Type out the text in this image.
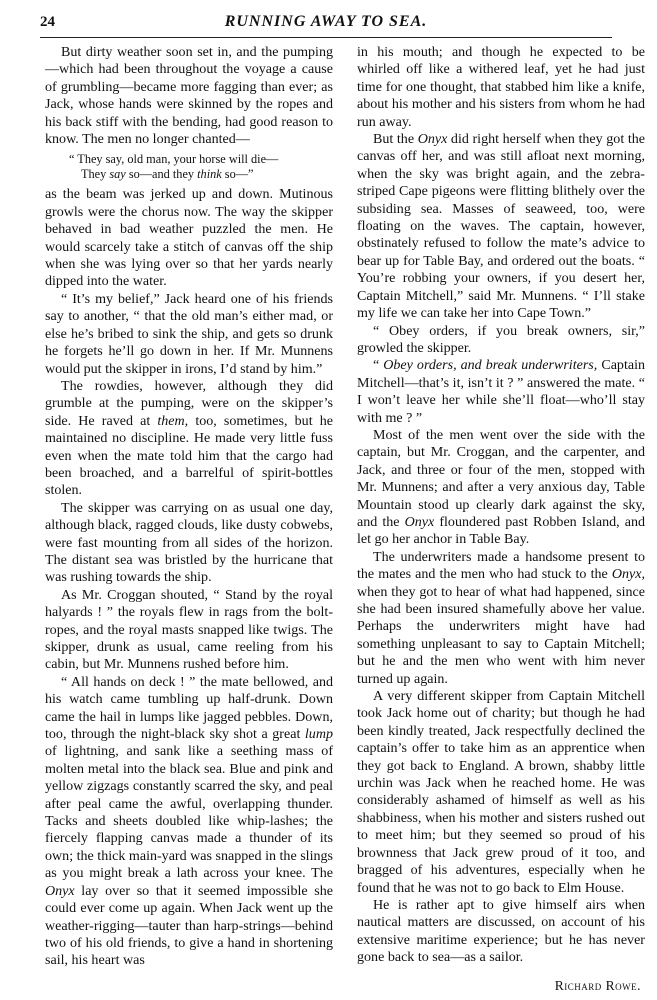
24	RUNNING AWAY TO SEA.

But dirty weather soon set in, and the pumping—which had been throughout the voyage a cause of grumbling—became more fagging than ever; as Jack, whose hands were skinned by the ropes and his back stiff with the bending, had good reason to know. The men no longer chanted—

“ They say, old man, your horse will die—
They say so—and they think so—”

as the beam was jerked up and down. Mutinous growls were the chorus now. The way the skipper behaved in bad weather puzzled the men. He would scarcely take a stitch of canvas off the ship when she was lying over so that her yards nearly dipped into the water.

“ It’s my belief,” Jack heard one of his friends say to another, “ that the old man’s either mad, or else he’s bribed to sink the ship, and gets so drunk he forgets he’ll go down in her. If Mr. Munnens would put the skipper in irons, I’d stand by him.”

The rowdies, however, although they did grumble at the pumping, were on the skipper’s side. He raved at them, too, sometimes, but he maintained no discipline. He made very little fuss even when the mate told him that the cargo had been broached, and a barrelful of spirit-bottles stolen.

The skipper was carrying on as usual one day, although black, ragged clouds, like dusty cobwebs, were fast mounting from all sides of the horizon. The distant sea was bristled by the hurricane that was rushing towards the ship.

As Mr. Croggan shouted, “ Stand by the royal halyards ! ” the royals flew in rags from the bolt-ropes, and the royal masts snapped like twigs. The skipper, drunk as usual, came reeling from his cabin, but Mr. Munnens rushed before him.

“ All hands on deck ! ” the mate bellowed, and his watch came tumbling up half-drunk. Down came the hail in lumps like jagged pebbles. Down, too, through the night-black sky shot a great lump of lightning, and sank like a seething mass of molten metal into the black sea. Blue and pink and yellow zigzags constantly scarred the sky, and peal after peal came the awful, overlapping thunder. Tacks and sheets doubled like whip-lashes; the fiercely flapping canvas made a thunder of its own; the thick main-yard was snapped in the slings as you might break a lath across your knee. The Onyx lay over so that it seemed impossible she could ever come up again. When Jack went up the weather-rigging—tauter than harp-strings—behind two of his old friends, to give a hand in shortening sail, his heart was

in his mouth; and though he expected to be whirled off like a withered leaf, yet he had just time for one thought, that stabbed him like a knife, about his mother and his sisters from whom he had run away.

But the Onyx did right herself when they got the canvas off her, and was still afloat next morning, when the sky was bright again, and the zebra-striped Cape pigeons were flitting blithely over the subsiding sea. Masses of seaweed, too, were floating on the waves. The captain, however, obstinately refused to follow the mate’s advice to bear up for Table Bay, and ordered out the boats. “ You’re robbing your owners, if you desert her, Captain Mitchell,” said Mr. Munnens. “ I’ll stake my life we can take her into Cape Town.”

“ Obey orders, if you break owners, sir,” growled the skipper.

“ Obey orders, and break underwriters, Captain Mitchell—that’s it, isn’t it ? ” answered the mate. “ I won’t leave her while she’ll float—who’ll stay with me ? ”

Most of the men went over the side with the captain, but Mr. Croggan, and the carpenter, and Jack, and three or four of the men, stopped with Mr. Munnens; and after a very anxious day, Table Mountain stood up clearly dark against the sky, and the Onyx floundered past Robben Island, and let go her anchor in Table Bay.

The underwriters made a handsome present to the mates and the men who had stuck to the Onyx, when they got to hear of what had happened, since she had been insured shamefully above her value. Perhaps the underwriters might have had something unpleasant to say to Captain Mitchell; but he and the men who went with him never turned up again.

A very different skipper from Captain Mitchell took Jack home out of charity; but though he had been kindly treated, Jack respectfully declined the captain’s offer to take him as an apprentice when they got back to England. A brown, shabby little urchin was Jack when he reached home. He was considerably ashamed of himself as well as his shabbiness, when his mother and sisters rushed out to meet him; but they seemed so proud of his brownness that Jack grew proud of it too, and bragged of his adventures, especially when he found that he was not to go back to Elm House.

He is rather apt to give himself airs when nautical matters are discussed, on account of his extensive maritime experience; but he has never gone back to sea—as a sailor.

Richard Rowe.
